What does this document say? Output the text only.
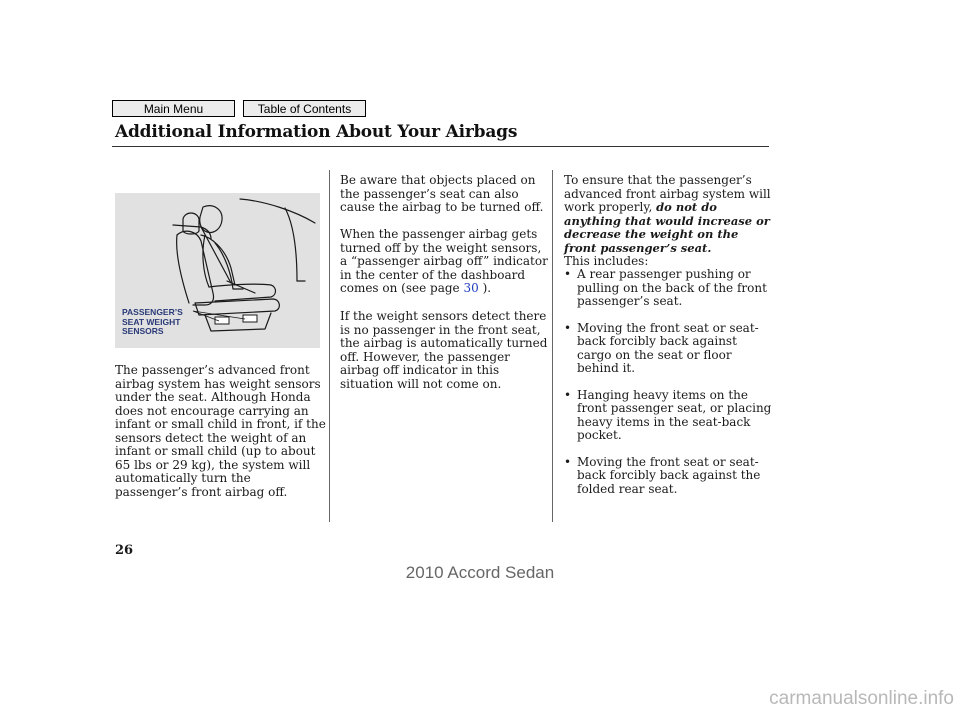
Main Menu	Table of Contents
Additional Information About Your Airbags
PASSENGER’S
SEAT WEIGHT
SENSORS
The passenger’s advanced front airbag system has weight sensors under the seat. Although Honda does not encourage carrying an infant or small child in front, if the sensors detect the weight of an infant or small child (up to about 65 lbs or 29 kg), the system will automatically turn the passenger’s front airbag off.
Be aware that objects placed on the passenger’s seat can also cause the airbag to be turned off.
When the passenger airbag gets turned off by the weight sensors, a “passenger airbag off” indicator in the center of the dashboard comes on (see page 30 ).
If the weight sensors detect there is no passenger in the front seat, the airbag is automatically turned off. However, the passenger airbag off indicator in this situation will not come on.
To ensure that the passenger’s advanced front airbag system will work properly, do not do anything that would increase or decrease the weight on the front passenger’s seat.
This includes:
• A rear passenger pushing or pulling on the back of the front passenger’s seat.
• Moving the front seat or seat-back forcibly back against cargo on the seat or floor behind it.
• Hanging heavy items on the front passenger seat, or placing heavy items in the seat-back pocket.
• Moving the front seat or seat-back forcibly back against the folded rear seat.
26
2010 Accord Sedan
carmanualsonline.info
